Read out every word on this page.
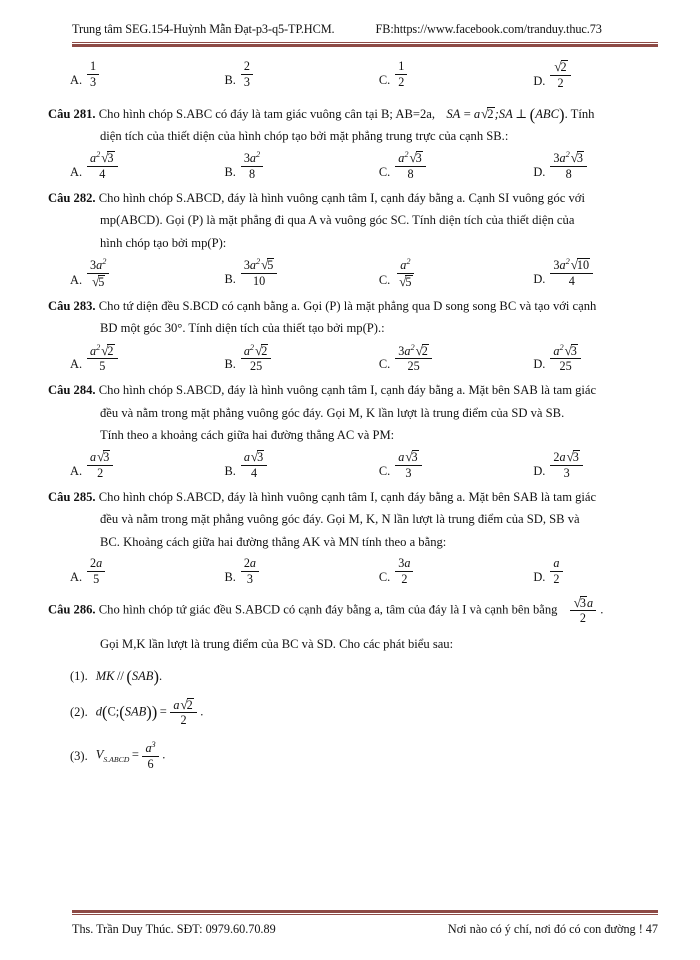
Trung tâm SEG.154-Huỳnh Mẫn Đạt-p3-q5-TP.HCM.	FB:https://www.facebook.com/tranduy.thuc.73
A. $\frac{1}{3}$	B. $\frac{2}{3}$	C. $\frac{1}{2}$	D. $\frac{√2}{2}$
Câu 281. Cho hình chóp S.ABC có đáy là tam giác vuông cân tại B; AB=2a, SA = a√2;SA ⊥ (ABC). Tính
diện tích của thiết diện của hình chóp tạo bởi mặt phẳng trung trực của cạnh SB.:
A. $\frac{a^2√3}{4}$	B. $\frac{3a^2}{8}$	C. $\frac{a^2√3}{8}$	D. $\frac{3a^2√3}{8}$
Câu 282. Cho hình chóp S.ABCD, đáy là hình vuông cạnh tâm I, cạnh đáy bằng a. Cạnh SI vuông góc với
mp(ABCD). Gọi (P) là mặt phẳng đi qua A và vuông góc SC. Tính diện tích của thiết diện của
hình chóp tạo bởi mp(P):
A. $\frac{3a^2}{√5}$	B. $\frac{3a^2√5}{10}$	C. $\frac{a^2}{√5}$	D. $\frac{3a^2√10}{4}$
Câu 283. Cho tứ diện đều S.BCD có cạnh bằng a. Gọi (P) là mặt phẳng qua D song song BC và tạo với cạnh
BD một góc 30°. Tính diện tích của thiết tạo bởi mp(P).:
A. $\frac{a^2√2}{5}$	B. $\frac{a^2√2}{25}$	C. $\frac{3a^2√2}{25}$	D. $\frac{a^2√3}{25}$
Câu 284. Cho hình chóp S.ABCD, đáy là hình vuông cạnh tâm I, cạnh đáy bằng a. Mặt bên SAB là tam giác
đều và nằm trong mặt phẳng vuông góc đáy. Gọi M, K lần lượt là trung điểm của SD và SB.
Tính theo a khoảng cách giữa hai đường thẳng AC và PM:
A. $\frac{a√3}{2}$	B. $\frac{a√3}{4}$	C. $\frac{a√3}{3}$	D. $\frac{2a√3}{3}$
Câu 285. Cho hình chóp S.ABCD, đáy là hình vuông cạnh tâm I, cạnh đáy bằng a. Mặt bên SAB là tam giác
đều và nằm trong mặt phẳng vuông góc đáy. Gọi M, K, N lần lượt là trung điểm của SD, SB và
BC. Khoảng cách giữa hai đường thẳng AK và MN tính theo a bằng:
A. $\frac{2a}{5}$	B. $\frac{2a}{3}$	C. $\frac{3a}{2}$	D. $\frac{a}{2}$
Câu 286. Cho hình chóp tứ giác đều S.ABCD có cạnh đáy bằng a, tâm của đáy là I và cạnh bên bằng $\frac{√3a}{2}$ .
Gọi M,K lần lượt là trung điểm của BC và SD. Cho các phát biểu sau:
(1). MK // (SAB).
(2). d(C;(SAB)) =  $\frac{a√2}{2}$  .
(3). $V_{S.ABCD} = \frac{a^3}{6}$  .
Ths. Trần Duy Thúc. SĐT: 0979.60.70.89	Nơi nào có ý chí, nơi đó có con đường ! 47
